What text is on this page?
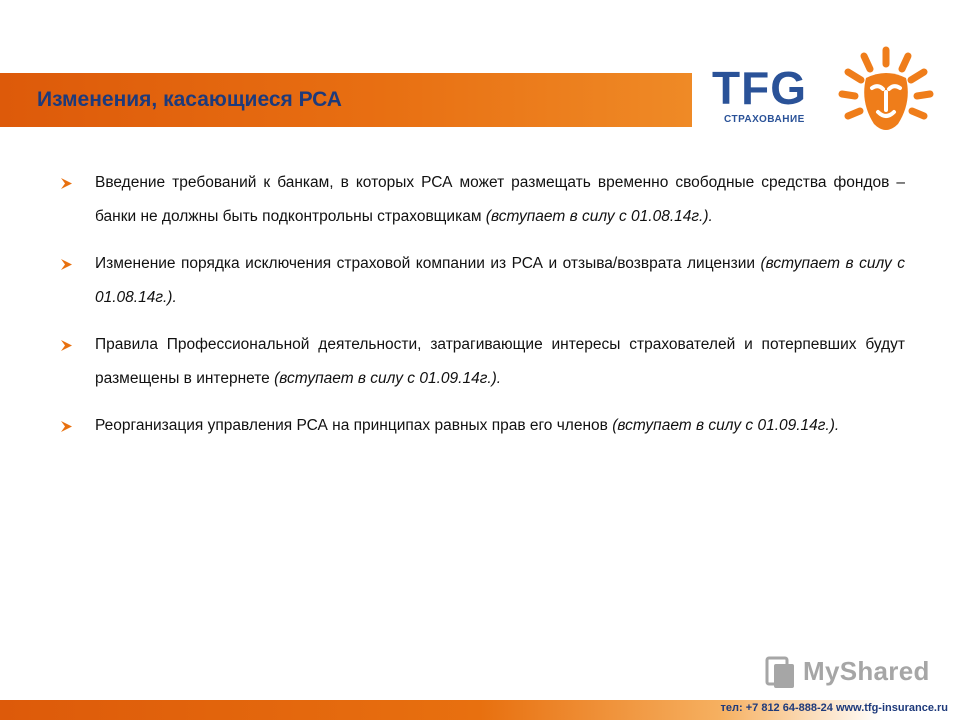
Изменения, касающиеся РСА	TFG
СТРАХОВАНИЕ
Введение требований к банкам, в которых РСА может размещать временно свободные средства фондов – банки не должны быть подконтрольны страховщикам (вступает в силу с 01.08.14г.).
Изменение порядка исключения страховой компании из РСА и отзыва/возврата лицензии (вступает в силу с 01.08.14г.).
Правила Профессиональной деятельности, затрагивающие интересы страхователей и потерпевших будут размещены в интернете (вступает в силу с 01.09.14г.).
Реорганизация управления РСА на принципах равных прав его членов (вступает в силу с 01.09.14г.).
MyShared
тел: +7 812 64-888-24 www.tfg-insurance.ru
